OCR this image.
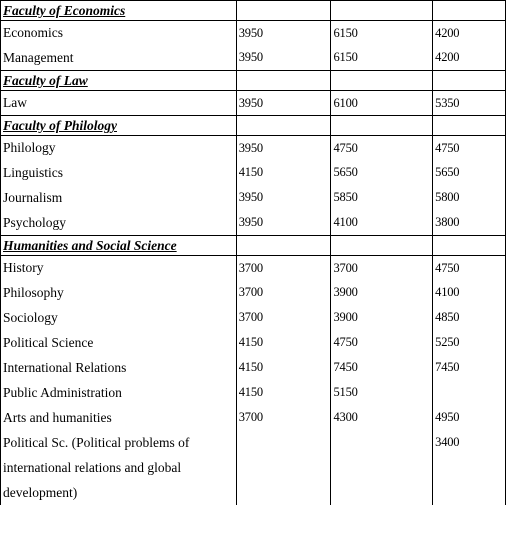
Faculty of Economics			
Economics	3950	6150	4200
Management	3950	6150	4200
Faculty of Law			
Law	3950	6100	5350
Faculty of Philology			
Philology	3950	4750	4750
Linguistics	4150	5650	5650
Journalism	3950	5850	5800
Psychology	3950	4100	3800
Humanities and Social Science			
History	3700	3700	4750
Philosophy	3700	3900	4100
Sociology	3700	3900	4850
Political Science	4150	4750	5250
International Relations	4150	7450	7450
Public Administration	4150	5150	
Arts and humanities	3700	4300	4950
Political Sc. (Political problems of international relations and global development)			3400
